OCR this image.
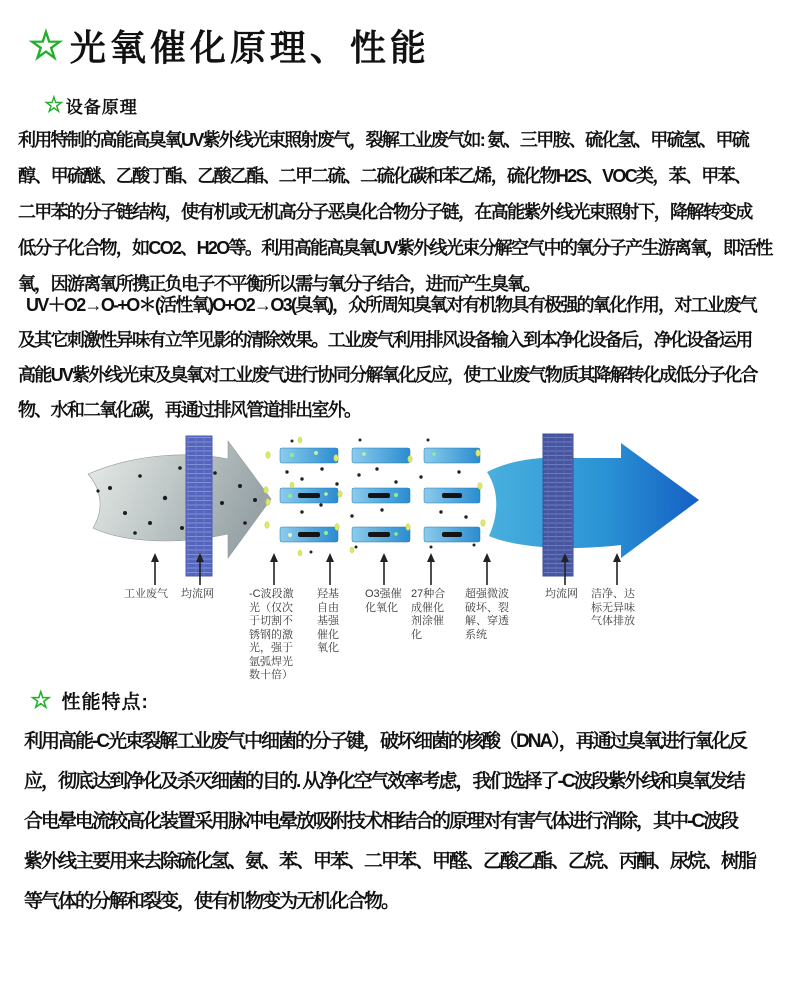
☆ 光氧催化原理、性能
☆ 设备原理
利用特制的高能高臭氧UV紫外线光束照射废气，裂解工业废气如: 氨、三甲胺、硫化氢、甲硫氢、甲硫
醇、甲硫醚、乙酸丁酯、乙酸乙酯、二甲二硫、二硫化碳和苯乙烯，硫化物H2S、VOC类，苯、甲苯、
二甲苯的分子链结构，使有机或无机高分子恶臭化合物分子链，在高能紫外线光束照射下，降解转变成
低分子化合物，如CO2、H2O等。利用高能高臭氧UV紫外线光束分解空气中的氧分子产生游离氧，即活性
氧，因游离氧所携正负电子不平衡所以需与氧分子结合，进而产生臭氧。
UV＋O2→O-+O＊(活性氧)O+O2→O3(臭氧)，众所周知臭氧对有机物具有极强的氧化作用，对工业废气
及其它刺激性异味有立竿见影的清除效果。工业废气利用排风设备输入到本净化设备后，净化设备运用
高能UV紫外线光束及臭氧对工业废气进行协同分解氧化反应，使工业废气物质其降解转化成低分子化合
物、水和二氧化碳，再通过排风管道排出室外。
工业废气	均流网	-C波段激光（仅次于切割不锈钢的激光，强于氩弧焊光数十倍）
羟基自由基强催化氧化
O3强催化氧化
27种合成催化剂涂催化
超强微波破坏、裂解、穿透系统
均流网	洁净、达标无异味气体排放
☆ 性能特点:
利用高能-C光束裂解工业废气中细菌的分子键，破坏细菌的核酸（DNA），再通过臭氧进行氧化反
应，彻底达到净化及杀灭细菌的目的. 从净化空气效率考虑，我们选择了-C波段紫外线和臭氧发结
合电晕电流较高化装置采用脉冲电晕放吸附技术相结合的原理对有害气体进行消除，其中-C波段
紫外线主要用来去除硫化氢、氨、苯、甲苯、二甲苯、甲醛、乙酸乙酯、乙烷、丙酮、尿烷、树脂
等气体的分解和裂变，使有机物变为无机化合物。
